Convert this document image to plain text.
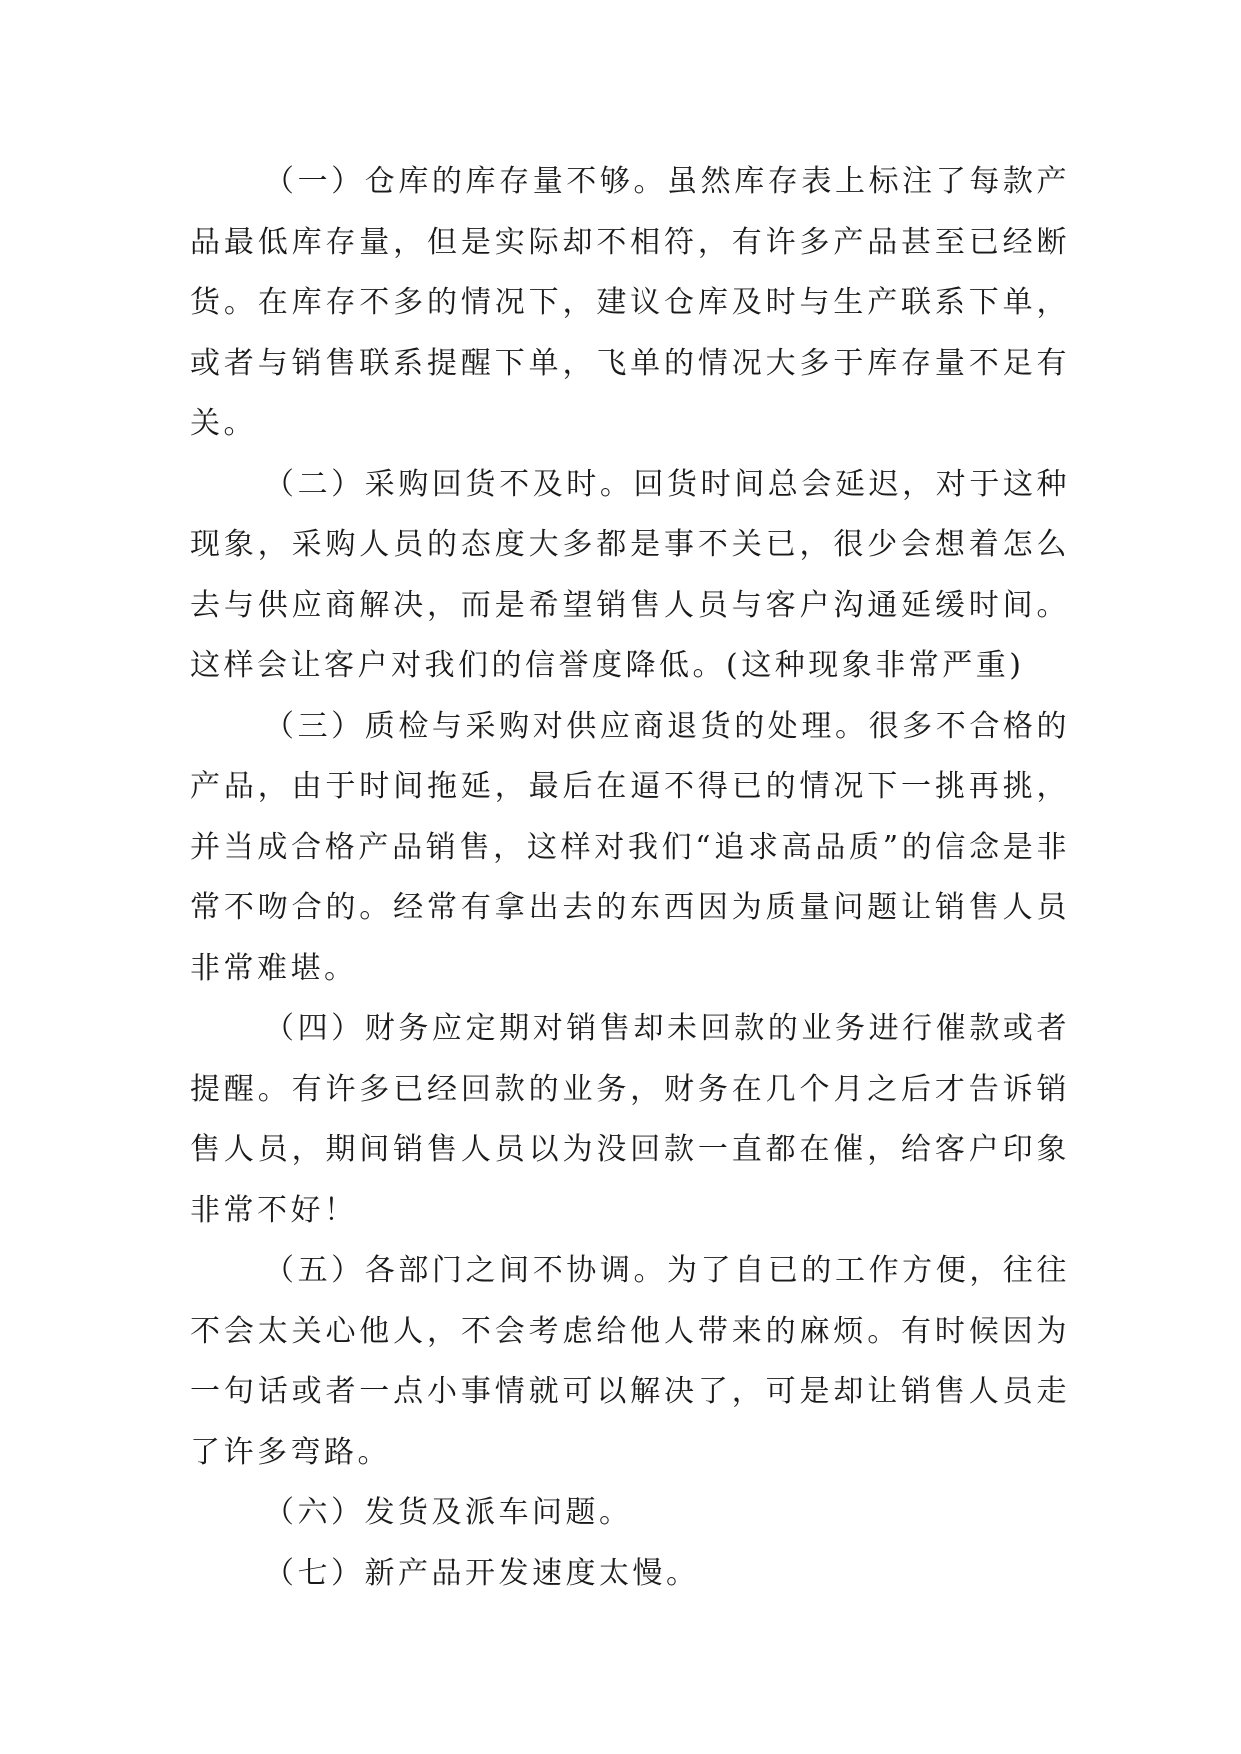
（一）仓库的库存量不够。虽然库存表上标注了每款产品最低库存量，但是实际却不相符，有许多产品甚至已经断货。在库存不多的情况下，建议仓库及时与生产联系下单，或者与销售联系提醒下单，飞单的情况大多于库存量不足有关。

（二）采购回货不及时。回货时间总会延迟，对于这种现象，采购人员的态度大多都是事不关已，很少会想着怎么去与供应商解决，而是希望销售人员与客户沟通延缓时间。这样会让客户对我们的信誉度降低。(这种现象非常严重)

（三）质检与采购对供应商退货的处理。很多不合格的产品，由于时间拖延，最后在逼不得已的情况下一挑再挑，并当成合格产品销售，这样对我们“追求高品质”的信念是非常不吻合的。经常有拿出去的东西因为质量问题让销售人员非常难堪。

（四）财务应定期对销售却未回款的业务进行催款或者提醒。有许多已经回款的业务，财务在几个月之后才告诉销售人员，期间销售人员以为没回款一直都在催，给客户印象非常不好！

（五）各部门之间不协调。为了自已的工作方便，往往不会太关心他人，不会考虑给他人带来的麻烦。有时候因为一句话或者一点小事情就可以解决了，可是却让销售人员走了许多弯路。

（六）发货及派车问题。

（七）新产品开发速度太慢。
